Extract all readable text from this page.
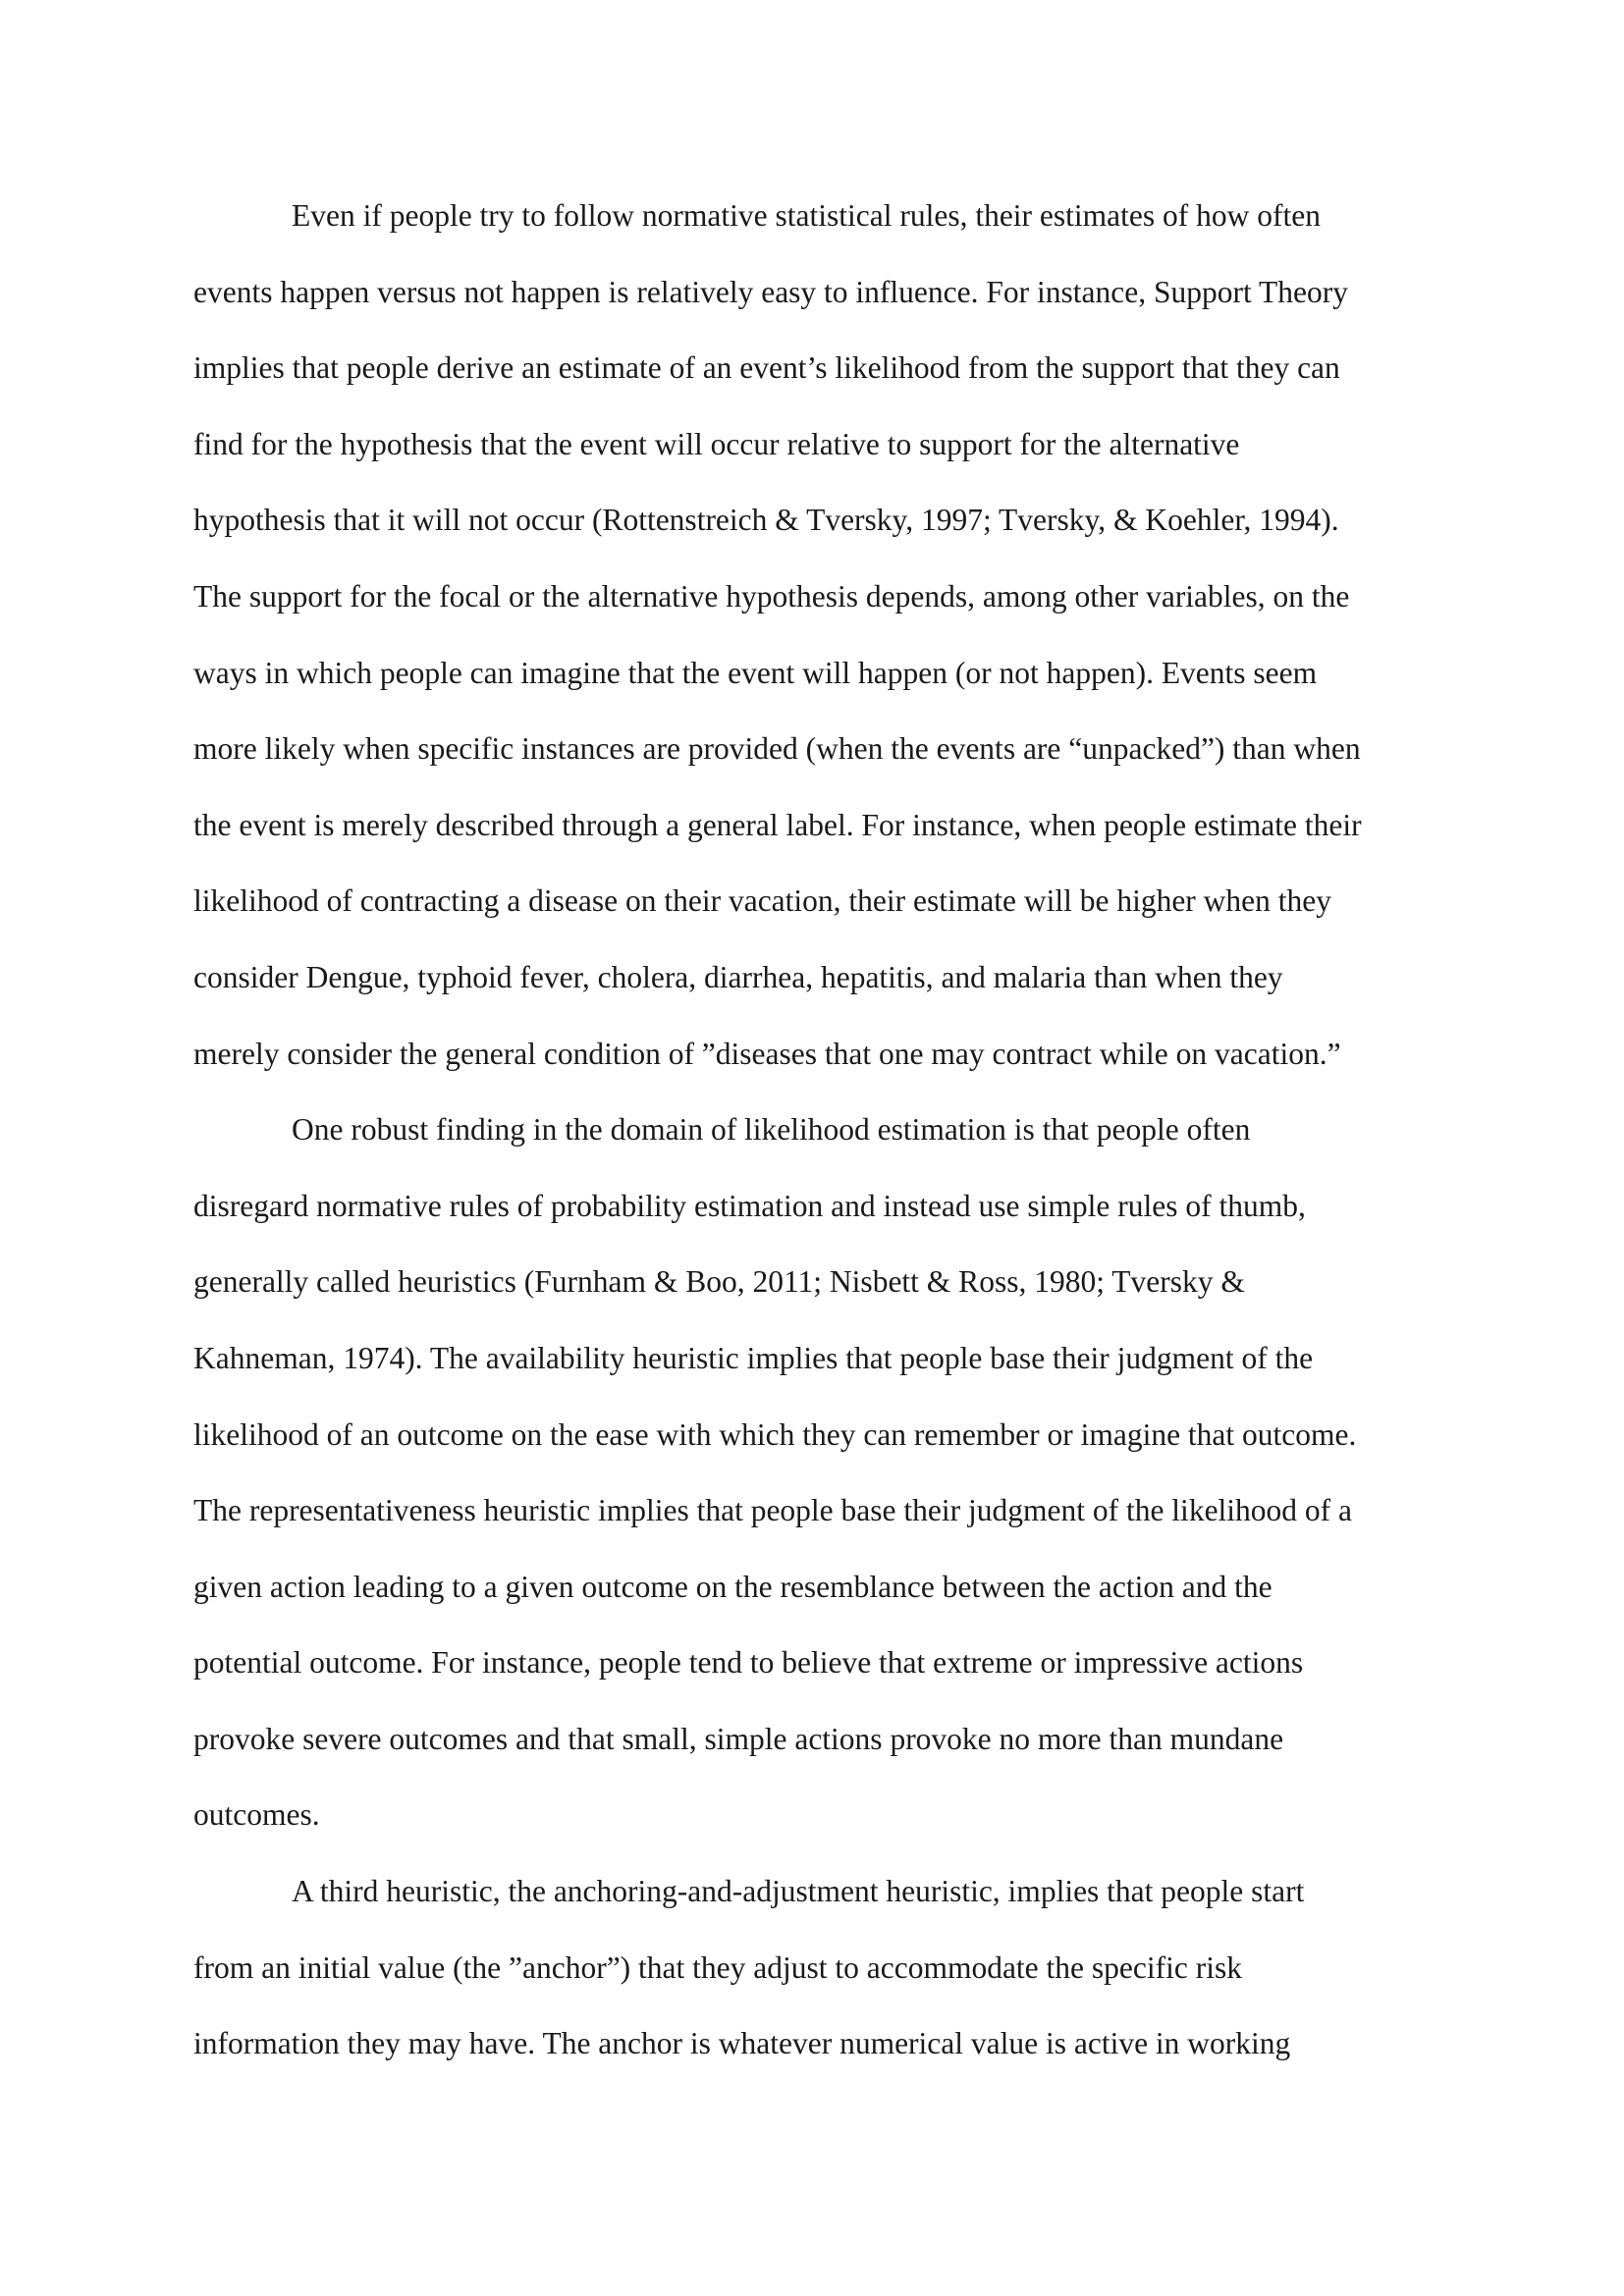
Even if people try to follow normative statistical rules, their estimates of how often
events happen versus not happen is relatively easy to influence. For instance, Support Theory
implies that people derive an estimate of an event’s likelihood from the support that they can
find for the hypothesis that the event will occur relative to support for the alternative
hypothesis that it will not occur (Rottenstreich & Tversky, 1997; Tversky, & Koehler, 1994).
The support for the focal or the alternative hypothesis depends, among other variables, on the
ways in which people can imagine that the event will happen (or not happen). Events seem
more likely when specific instances are provided (when the events are “unpacked”) than when
the event is merely described through a general label. For instance, when people estimate their
likelihood of contracting a disease on their vacation, their estimate will be higher when they
consider Dengue, typhoid fever, cholera, diarrhea, hepatitis, and malaria than when they
merely consider the general condition of ”diseases that one may contract while on vacation.”
One robust finding in the domain of likelihood estimation is that people often
disregard normative rules of probability estimation and instead use simple rules of thumb,
generally called heuristics (Furnham & Boo, 2011; Nisbett & Ross, 1980; Tversky &
Kahneman, 1974). The availability heuristic implies that people base their judgment of the
likelihood of an outcome on the ease with which they can remember or imagine that outcome.
The representativeness heuristic implies that people base their judgment of the likelihood of a
given action leading to a given outcome on the resemblance between the action and the
potential outcome. For instance, people tend to believe that extreme or impressive actions
provoke severe outcomes and that small, simple actions provoke no more than mundane
outcomes.
A third heuristic, the anchoring-and-adjustment heuristic, implies that people start
from an initial value (the ”anchor”) that they adjust to accommodate the specific risk
information they may have. The anchor is whatever numerical value is active in working
